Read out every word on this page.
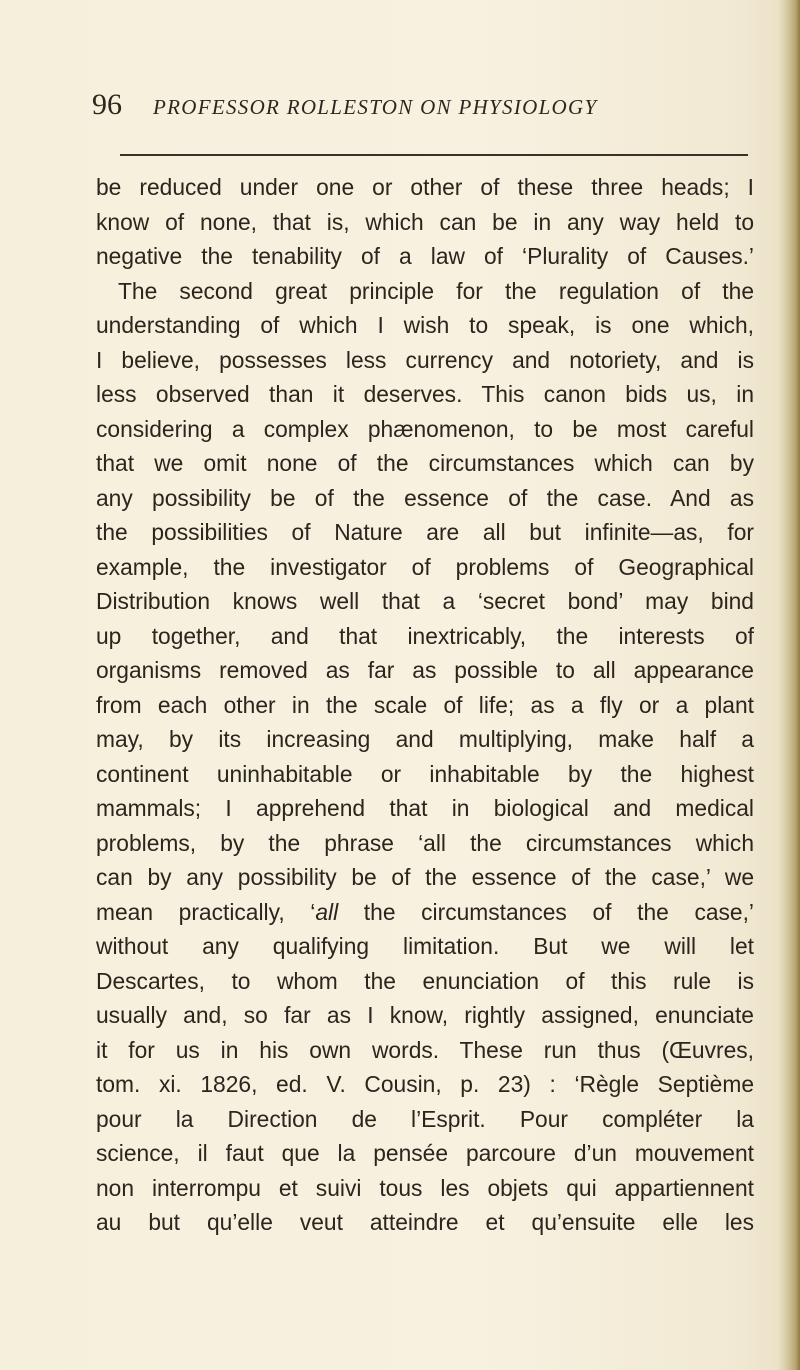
96	PROFESSOR ROLLESTON ON PHYSIOLOGY
be reduced under one or other of these three heads; I
know of none, that is, which can be in any way held to
negative the tenability of a law of ‘Plurality of Causes.’
The second great principle for the regulation of the
understanding of which I wish to speak, is one which,
I believe, possesses less currency and notoriety, and is
less observed than it deserves. This canon bids us, in
considering a complex phænomenon, to be most careful
that we omit none of the circumstances which can by
any possibility be of the essence of the case. And as
the possibilities of Nature are all but infinite—as, for
example, the investigator of problems of Geographical
Distribution knows well that a ‘secret bond’ may bind
up together, and that inextricably, the interests of
organisms removed as far as possible to all appearance
from each other in the scale of life; as a fly or a plant
may, by its increasing and multiplying, make half a
continent uninhabitable or inhabitable by the highest
mammals; I apprehend that in biological and medical
problems, by the phrase ‘all the circumstances which
can by any possibility be of the essence of the case,’ we
mean practically, ‘all the circumstances of the case,’
without any qualifying limitation. But we will let
Descartes, to whom the enunciation of this rule is
usually and, so far as I know, rightly assigned, enunciate
it for us in his own words. These run thus (Œuvres,
tom. xi. 1826, ed. V. Cousin, p. 23) : ‘Règle Septième
pour la Direction de l’Esprit. Pour compléter la
science, il faut que la pensée parcoure d’un mouvement
non interrompu et suivi tous les objets qui appartiennent
au but qu’elle veut atteindre et qu’ensuite elle les
